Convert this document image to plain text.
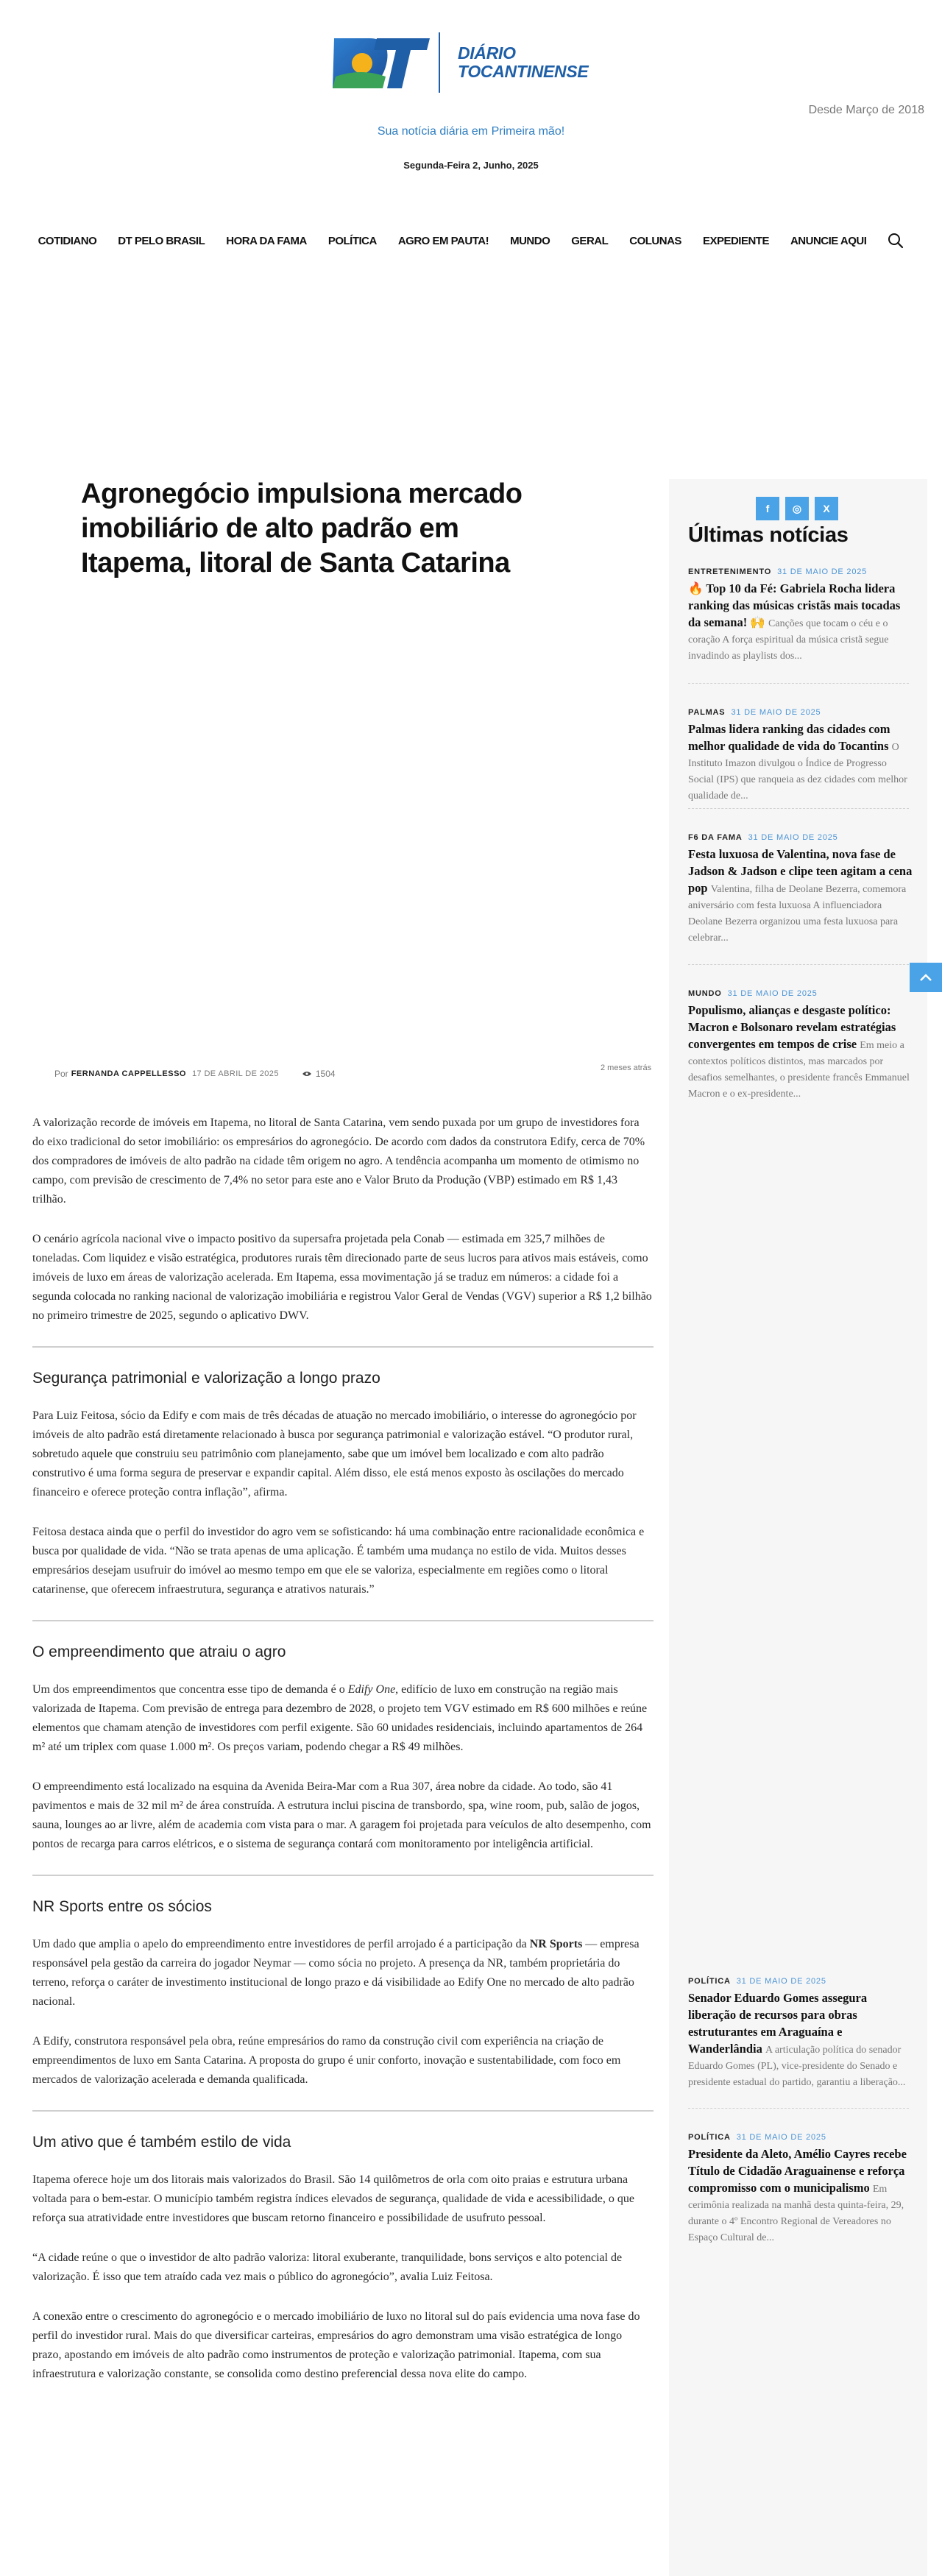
DIÁRIO
TOCANTINENSE
Desde Março de 2018
Sua notícia diária em Primeira mão!
Segunda-Feira 2, Junho, 2025
COTIDIANO DT PELO BRASIL HORA DA FAMA POLÍTICA AGRO EM PAUTA! MUNDO GERAL COLUNAS EXPEDIENTE ANUNCIE AQUI
Agronegócio impulsiona mercado imobiliário de alto padrão em Itapema, litoral de Santa Catarina
Por FERNANDA CAPPELLESSO 17 DE ABRIL DE 2025	1504
2 meses atrás

A valorização recorde de imóveis em Itapema, no litoral de Santa Catarina, vem sendo puxada por um grupo de investidores fora do eixo tradicional do setor imobiliário: os empresários do agronegócio. De acordo com dados da construtora Edify, cerca de 70% dos compradores de imóveis de alto padrão na cidade têm origem no agro. A tendência acompanha um momento de otimismo no campo, com previsão de crescimento de 7,4% no setor para este ano e Valor Bruto da Produção (VBP) estimado em R$ 1,43 trilhão.

O cenário agrícola nacional vive o impacto positivo da supersafra projetada pela Conab — estimada em 325,7 milhões de toneladas. Com liquidez e visão estratégica, produtores rurais têm direcionado parte de seus lucros para ativos mais estáveis, como imóveis de luxo em áreas de valorização acelerada. Em Itapema, essa movimentação já se traduz em números: a cidade foi a segunda colocada no ranking nacional de valorização imobiliária e registrou Valor Geral de Vendas (VGV) superior a R$ 1,2 bilhão no primeiro trimestre de 2025, segundo o aplicativo DWV.

Segurança patrimonial e valorização a longo prazo

Para Luiz Feitosa, sócio da Edify e com mais de três décadas de atuação no mercado imobiliário, o interesse do agronegócio por imóveis de alto padrão está diretamente relacionado à busca por segurança patrimonial e valorização estável. “O produtor rural, sobretudo aquele que construiu seu patrimônio com planejamento, sabe que um imóvel bem localizado e com alto padrão construtivo é uma forma segura de preservar e expandir capital. Além disso, ele está menos exposto às oscilações do mercado financeiro e oferece proteção contra inflação”, afirma.

Feitosa destaca ainda que o perfil do investidor do agro vem se sofisticando: há uma combinação entre racionalidade econômica e busca por qualidade de vida. “Não se trata apenas de uma aplicação. É também uma mudança no estilo de vida. Muitos desses empresários desejam usufruir do imóvel ao mesmo tempo em que ele se valoriza, especialmente em regiões como o litoral catarinense, que oferecem infraestrutura, segurança e atrativos naturais.”

O empreendimento que atraiu o agro

Um dos empreendimentos que concentra esse tipo de demanda é o Edify One, edifício de luxo em construção na região mais valorizada de Itapema. Com previsão de entrega para dezembro de 2028, o projeto tem VGV estimado em R$ 600 milhões e reúne elementos que chamam atenção de investidores com perfil exigente. São 60 unidades residenciais, incluindo apartamentos de 264 m² até um triplex com quase 1.000 m². Os preços variam, podendo chegar a R$ 49 milhões.

O empreendimento está localizado na esquina da Avenida Beira-Mar com a Rua 307, área nobre da cidade. Ao todo, são 41 pavimentos e mais de 32 mil m² de área construída. A estrutura inclui piscina de transbordo, spa, wine room, pub, salão de jogos, sauna, lounges ao ar livre, além de academia com vista para o mar. A garagem foi projetada para veículos de alto desempenho, com pontos de recarga para carros elétricos, e o sistema de segurança contará com monitoramento por inteligência artificial.

NR Sports entre os sócios

Um dado que amplia o apelo do empreendimento entre investidores de perfil arrojado é a participação da NR Sports — empresa responsável pela gestão da carreira do jogador Neymar — como sócia no projeto. A presença da NR, também proprietária do terreno, reforça o caráter de investimento institucional de longo prazo e dá visibilidade ao Edify One no mercado de alto padrão nacional.

A Edify, construtora responsável pela obra, reúne empresários do ramo da construção civil com experiência na criação de empreendimentos de luxo em Santa Catarina. A proposta do grupo é unir conforto, inovação e sustentabilidade, com foco em mercados de valorização acelerada e demanda qualificada.

Um ativo que é também estilo de vida

Itapema oferece hoje um dos litorais mais valorizados do Brasil. São 14 quilômetros de orla com oito praias e estrutura urbana voltada para o bem-estar. O município também registra índices elevados de segurança, qualidade de vida e acessibilidade, o que reforça sua atratividade entre investidores que buscam retorno financeiro e possibilidade de usufruto pessoal.

“A cidade reúne o que o investidor de alto padrão valoriza: litoral exuberante, tranquilidade, bons serviços e alto potencial de valorização. É isso que tem atraído cada vez mais o público do agronegócio”, avalia Luiz Feitosa.

A conexão entre o crescimento do agronegócio e o mercado imobiliário de luxo no litoral sul do país evidencia uma nova fase do perfil do investidor rural. Mais do que diversificar carteiras, empresários do agro demonstram uma visão estratégica de longo prazo, apostando em imóveis de alto padrão como instrumentos de proteção e valorização patrimonial. Itapema, com sua infraestrutura e valorização constante, se consolida como destino preferencial dessa nova elite do campo.

f	◎	X
Últimas notícias
ENTRETENIMENTO 31 DE MAIO DE 2025
🔥 Top 10 da Fé: Gabriela Rocha lidera ranking das músicas cristãs mais tocadas da semana! 🙌 Canções que tocam o céu e o coração A força espiritual da música cristã segue invadindo as playlists dos...
PALMAS 31 DE MAIO DE 2025
Palmas lidera ranking das cidades com melhor qualidade de vida do Tocantins O Instituto Imazon divulgou o Índice de Progresso Social (IPS) que ranqueia as dez cidades com melhor qualidade de...
F6 DA FAMA 31 DE MAIO DE 2025
Festa luxuosa de Valentina, nova fase de Jadson & Jadson e clipe teen agitam a cena pop Valentina, filha de Deolane Bezerra, comemora aniversário com festa luxuosa A influenciadora Deolane Bezerra organizou uma festa luxuosa para celebrar...
MUNDO 31 DE MAIO DE 2025
Populismo, alianças e desgaste político: Macron e Bolsonaro revelam estratégias convergentes em tempos de crise Em meio a contextos políticos distintos, mas marcados por desafios semelhantes, o presidente francês Emmanuel Macron e o ex-presidente...
POLÍTICA 31 DE MAIO DE 2025
Senador Eduardo Gomes assegura liberação de recursos para obras estruturantes em Araguaína e Wanderlândia A articulação política do senador Eduardo Gomes (PL), vice-presidente do Senado e presidente estadual do partido, garantiu a liberação...
POLÍTICA 31 DE MAIO DE 2025
Presidente da Aleto, Amélio Cayres recebe Título de Cidadão Araguainense e reforça compromisso com o municipalismo Em cerimônia realizada na manhã desta quinta-feira, 29, durante o 4º Encontro Regional de Vereadores no Espaço Cultural de...
